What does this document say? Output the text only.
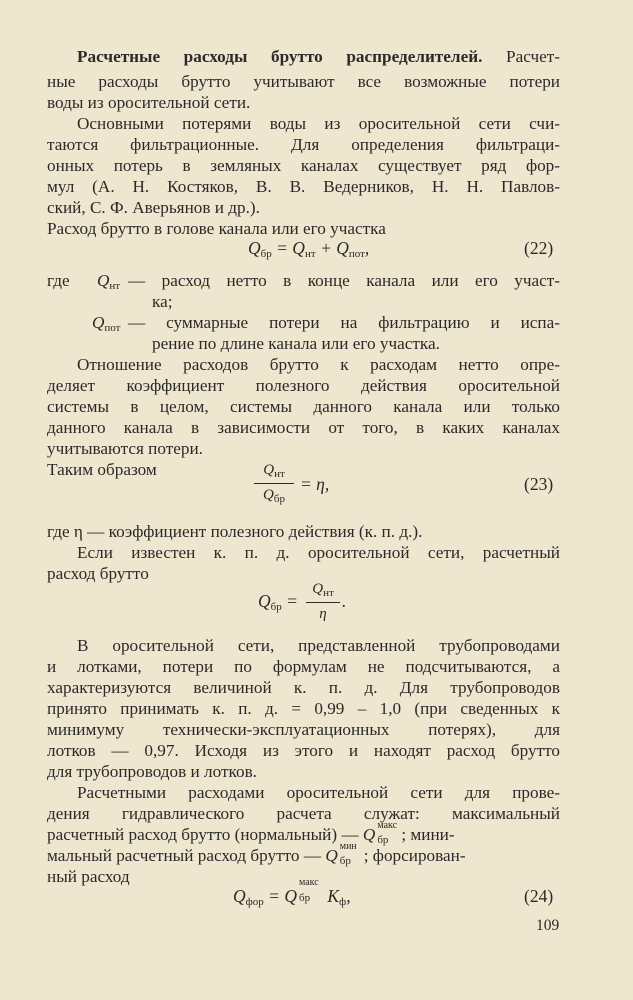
Расчетные расходы брутто распределителей. Расчет-
ные расходы брутто учитывают все возможные потери
воды из оросительной сети.
Основными потерями воды из оросительной сети счи-
таются фильтрационные. Для определения фильтраци-
онных потерь в земляных каналах существует ряд фор-
мул (А. Н. Костяков, В. В. Ведерников, Н. Н. Павлов-
ский, С. Ф. Аверьянов и др.).
Расход брутто в голове канала или его участка
$Q_{бр} = Q_{нт} + Q_{пот}$,	(22)
где	$Q_{нт}$ — расход нетто в конце канала или его участ-
ка;
$Q_{пот}$ — суммарные потери на фильтрацию и испа-
рение по длине канала или его участка.
Отношение расходов брутто к расходам нетто опре-
деляет коэффициент полезного действия оросительной
системы в целом, системы данного канала или только
данного канала в зависимости от того, в каких каналах
учитываются потери.
Таким образом	$Q_{нт}$
$Q_{бр}$
= η,	(23)
где η — коэффициент полезного действия (к. п. д.).
Если известен к. п. д. оросительной сети, расчетный
расход брутто
$Q_{бр}$ =
$Q_{нт}$
η
.
В оросительной сети, представленной трубопроводами
и лотками, потери по формулам не подсчитываются, а
характеризуются величиной к. п. д. Для трубопроводов
принято принимать к. п. д. = 0,99 – 1,0 (при сведенных к
минимуму технически-эксплуатационных потерях), для
лотков — 0,97. Исходя из этого и находят расход брутто
для трубопроводов и лотков.
Расчетными расходами оросительной сети для прове-
дения гидравлического расчета служат: максимальный
расчетный расход брутто (нормальный) — Q макс
бр ; мини-
мальный расчетный расход брутто — Q мин
бр ; форсирован-
ный расход
$Q_{фор} = Q$
макс
бр $K_ф$,	(24)
109
